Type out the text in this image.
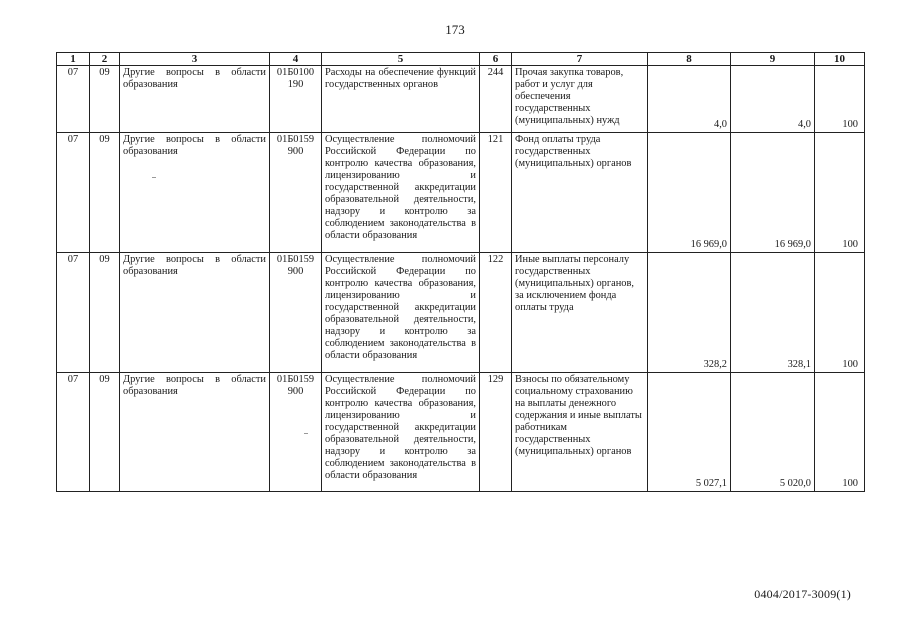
173
1	2	3	4	5	6	7	8	9	10
07	09	Другие вопросы в области образования	01Б0100 190	Расходы на обеспечение функций государственных органов	244	Прочая закупка товаров, работ и услуг для обеспечения государственных (муниципальных) нужд	4,0	4,0	100
07	09	Другие вопросы в области образования	01Б0159 900	Осуществление полномочий Российской Федерации по контролю качества образования, лицензированию и государственной аккредитации образовательной деятельности, надзору и контролю за соблюдением законодательства в области образования	121	Фонд оплаты труда государственных (муниципальных) органов	16 969,0	16 969,0	100
07	09	Другие вопросы в области образования	01Б0159 900	Осуществление полномочий Российской Федерации по контролю качества образования, лицензированию и государственной аккредитации образовательной деятельности, надзору и контролю за соблюдением законодательства в области образования	122	Иные выплаты персоналу государственных (муниципальных) органов, за исключением фонда оплаты труда	328,2	328,1	100
07	09	Другие вопросы в области образования	01Б0159 900	Осуществление полномочий Российской Федерации по контролю качества образования, лицензированию и государственной аккредитации образовательной деятельности, надзору и контролю за соблюдением законодательства в области образования	129	Взносы по обязательному социальному страхованию на выплаты денежного содержания и иные выплаты работникам государственных (муниципальных) органов	5 027,1	5 020,0	100
0404/2017-3009(1)
